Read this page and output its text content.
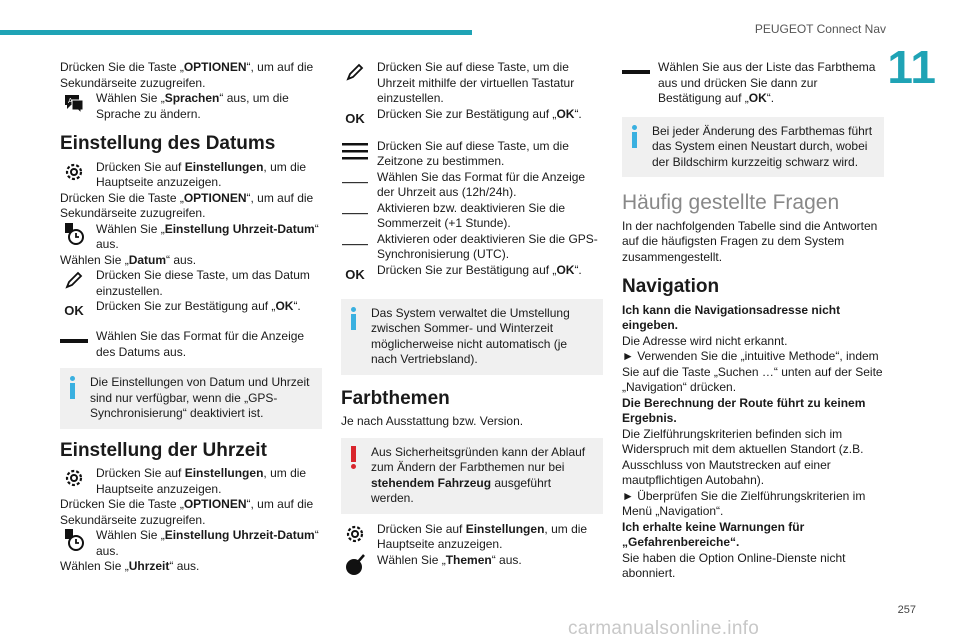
PEUGEOT Connect Nav
11

Drücken Sie die Taste „OPTIONEN“, um auf die Sekundärseite zuzugreifen.

A Wählen Sie „Sprachen“ aus, um die Sprache zu ändern.

Einstellung des Datums

Drücken Sie auf Einstellungen, um die Hauptseite anzuzeigen.

Drücken Sie die Taste „OPTIONEN“, um auf die Sekundärseite zuzugreifen.

Wählen Sie „Einstellung Uhrzeit-Datum“ aus.

Wählen Sie „Datum“ aus.

Drücken Sie diese Taste, um das Datum einzustellen.

OK	Drücken Sie zur Bestätigung auf „OK“.

Wählen Sie das Format für die Anzeige des Datums aus.

Die Einstellungen von Datum und Uhrzeit sind nur verfügbar, wenn die „GPS-Synchronisierung“ deaktiviert ist.

Einstellung der Uhrzeit

Drücken Sie auf Einstellungen, um die Hauptseite anzuzeigen.

Drücken Sie die Taste „OPTIONEN“, um auf die Sekundärseite zuzugreifen.

Wählen Sie „Einstellung Uhrzeit-Datum“ aus.

Wählen Sie „Uhrzeit“ aus.

Drücken Sie auf diese Taste, um die Uhrzeit mithilfe der virtuellen Tastatur einzustellen.

OK	Drücken Sie zur Bestätigung auf „OK“.

Drücken Sie auf diese Taste, um die Zeitzone zu bestimmen.

Wählen Sie das Format für die Anzeige der Uhrzeit aus (12h/24h).

Aktivieren bzw. deaktivieren Sie die Sommerzeit (+1 Stunde).

Aktivieren oder deaktivieren Sie die GPS-Synchronisierung (UTC).

OK	Drücken Sie zur Bestätigung auf „OK“.

Das System verwaltet die Umstellung zwischen Sommer- und Winterzeit möglicherweise nicht automatisch (je nach Vertriebsland).

Farbthemen

Je nach Ausstattung bzw. Version.

Aus Sicherheitsgründen kann der Ablauf zum Ändern der Farbthemen nur bei stehendem Fahrzeug ausgeführt werden.

Drücken Sie auf Einstellungen, um die Hauptseite anzuzeigen.

Wählen Sie „Themen“ aus.

Wählen Sie aus der Liste das Farbthema aus und drücken Sie dann zur Bestätigung auf „OK“.

Bei jeder Änderung des Farbthemas führt das System einen Neustart durch, wobei der Bildschirm kurzzeitig schwarz wird.

Häufig gestellte Fragen

In der nachfolgenden Tabelle sind die Antworten auf die häufigsten Fragen zu dem System zusammengestellt.

Navigation

Ich kann die Navigationsadresse nicht eingeben.

Die Adresse wird nicht erkannt.

► Verwenden Sie die „intuitive Methode“, indem Sie auf die Taste „Suchen …“ unten auf der Seite „Navigation“ drücken.

Die Berechnung der Route führt zu keinem Ergebnis.

Die Zielführungskriterien befinden sich im Widerspruch mit dem aktuellen Standort (z.B. Ausschluss von Mautstrecken auf einer mautpflichtigen Autobahn).

► Überprüfen Sie die Zielführungskriterien im Menü „Navigation“.

Ich erhalte keine Warnungen für „Gefahrenbereiche“.

Sie haben die Option Online-Dienste nicht abonniert.

257
carmanualsonline.info
